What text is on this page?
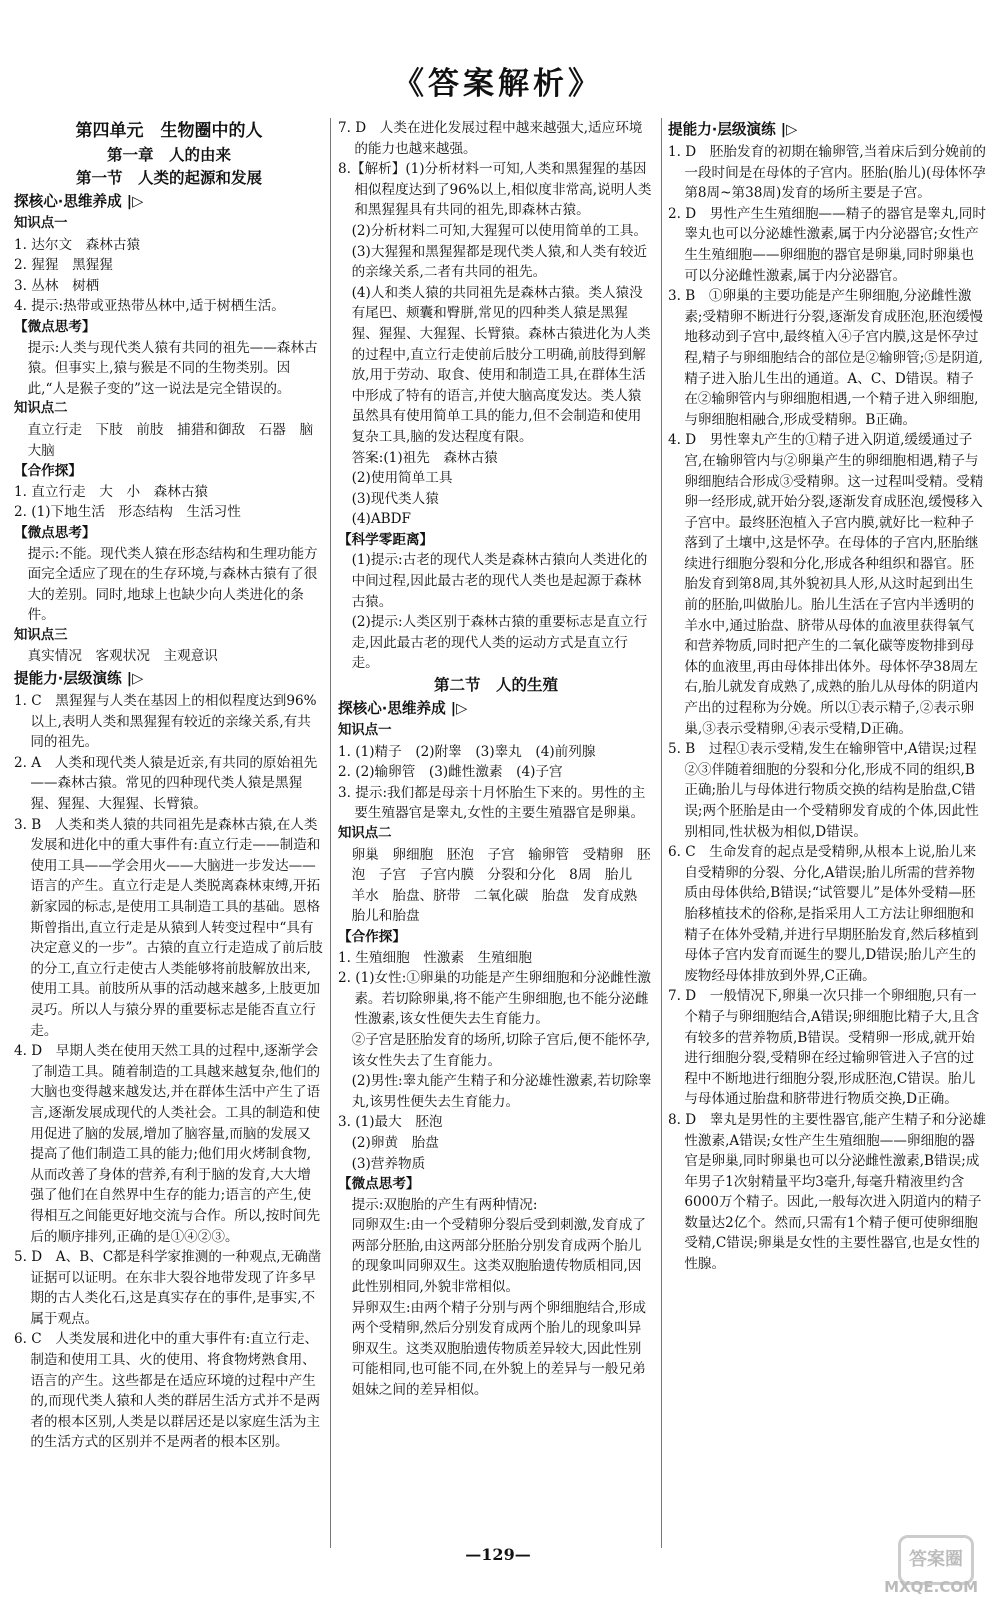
《答案解析》
第四单元　生物圈中的人
第一章　人的由来
第一节　人类的起源和发展
探核心·思维养成 |▷
知识点一
1. 达尔文　森林古猿
2. 猩猩　黑猩猩
3. 丛林　树栖
4. 提示:热带或亚热带丛林中,适于树栖生活。
【微点思考】
提示:人类与现代类人猿有共同的祖先——森林古猿。但事实上,猿与猴是不同的生物类别。因此,“人是猴子变的”这一说法是完全错误的。
知识点二
直立行走　下肢　前肢　捕猎和御敌　石器　脑　大脑
【合作探】
1. 直立行走　大　小　森林古猿
2. (1)下地生活　形态结构　生活习性
【微点思考】
提示:不能。现代类人猿在形态结构和生理功能方面完全适应了现在的生存环境,与森林古猿有了很大的差别。同时,地球上也缺少向人类进化的条件。
知识点三
真实情况　客观状况　主观意识
提能力·层级演练 |▷
1. C　黑猩猩与人类在基因上的相似程度达到96%以上,表明人类和黑猩猩有较近的亲缘关系,有共同的祖先。
2. A　人类和现代类人猿是近亲,有共同的原始祖先——森林古猿。常见的四种现代类人猿是黑猩猩、猩猩、大猩猩、长臂猿。
3. B　人类和类人猿的共同祖先是森林古猿,在人类发展和进化中的重大事件有:直立行走——制造和使用工具——学会用火——大脑进一步发达——语言的产生。直立行走是人类脱离森林束缚,开拓新家园的标志,是使用工具制造工具的基础。恩格斯曾指出,直立行走是从猿到人转变过程中“具有决定意义的一步”。古猿的直立行走造成了前后肢的分工,直立行走使古人类能够将前肢解放出来,使用工具。前肢所从事的活动越来越多,上肢更加灵巧。所以人与猿分界的重要标志是能否直立行走。
4. D　早期人类在使用天然工具的过程中,逐渐学会了制造工具。随着制造的工具越来越复杂,他们的大脑也变得越来越发达,并在群体生活中产生了语言,逐渐发展成现代的人类社会。工具的制造和使用促进了脑的发展,增加了脑容量,而脑的发展又提高了他们制造工具的能力;他们用火烤制食物,从而改善了身体的营养,有利于脑的发育,大大增强了他们在自然界中生存的能力;语言的产生,使得相互之间能更好地交流与合作。所以,按时间先后的顺序排列,正确的是①④②③。
5. D　A、B、C都是科学家推测的一种观点,无确凿证据可以证明。在东非大裂谷地带发现了许多早期的古人类化石,这是真实存在的事件,是事实,不属于观点。
6. C　人类发展和进化中的重大事件有:直立行走、制造和使用工具、火的使用、将食物烤熟食用、语言的产生。这些都是在适应环境的过程中产生的,而现代类人猿和人类的群居生活方式并不是两者的根本区别,人类是以群居还是以家庭生活为主的生活方式的区别并不是两者的根本区别。
7. D　人类在进化发展过程中越来越强大,适应环境的能力也越来越强。
8.【解析】(1)分析材料一可知,人类和黑猩猩的基因相似程度达到了96%以上,相似度非常高,说明人类和黑猩猩具有共同的祖先,即森林古猿。
(2)分析材料二可知,大猩猩可以使用简单的工具。
(3)大猩猩和黑猩猩都是现代类人猿,和人类有较近的亲缘关系,二者有共同的祖先。
(4)人和类人猿的共同祖先是森林古猿。类人猿没有尾巴、颊囊和臀胼,常见的四种类人猿是黑猩猩、猩猩、大猩猩、长臂猿。森林古猿进化为人类的过程中,直立行走使前后肢分工明确,前肢得到解放,用于劳动、取食、使用和制造工具,在群体生活中形成了特有的语言,并使大脑高度发达。类人猿虽然具有使用简单工具的能力,但不会制造和使用复杂工具,脑的发达程度有限。
答案:(1)祖先　森林古猿
(2)使用简单工具
(3)现代类人猿
(4)ABDF
【科学零距离】
(1)提示:古老的现代人类是森林古猿向人类进化的中间过程,因此最古老的现代人类也是起源于森林古猿。
(2)提示:人类区别于森林古猿的重要标志是直立行走,因此最古老的现代人类的运动方式是直立行走。
第二节　人的生殖
探核心·思维养成 |▷
知识点一
1. (1)精子　(2)附睾　(3)睾丸　(4)前列腺
2. (2)输卵管　(3)雌性激素　(4)子宫
3. 提示:我们都是母亲十月怀胎生下来的。男性的主要生殖器官是睾丸,女性的主要生殖器官是卵巢。
知识点二
卵巢　卵细胞　胚泡　子宫　输卵管　受精卵　胚泡　子宫　子宫内膜　分裂和分化　8周　胎儿　羊水　胎盘、脐带　二氧化碳　胎盘　发育成熟　胎儿和胎盘
【合作探】
1. 生殖细胞　性激素　生殖细胞
2. (1)女性:①卵巢的功能是产生卵细胞和分泌雌性激素。若切除卵巢,将不能产生卵细胞,也不能分泌雌性激素,该女性便失去生育能力。
②子宫是胚胎发育的场所,切除子宫后,便不能怀孕,该女性失去了生育能力。
(2)男性:睾丸能产生精子和分泌雄性激素,若切除睾丸,该男性便失去生育能力。
3. (1)最大　胚泡
(2)卵黄　胎盘
(3)营养物质
【微点思考】
提示:双胞胎的产生有两种情况:
同卵双生:由一个受精卵分裂后受到刺激,发育成了两部分胚胎,由这两部分胚胎分别发育成两个胎儿的现象叫同卵双生。这类双胞胎遗传物质相同,因此性别相同,外貌非常相似。
异卵双生:由两个精子分别与两个卵细胞结合,形成两个受精卵,然后分别发育成两个胎儿的现象叫异卵双生。这类双胞胎遗传物质差异较大,因此性别可能相同,也可能不同,在外貌上的差异与一般兄弟姐妹之间的差异相似。
提能力·层级演练 |▷
1. D　胚胎发育的初期在输卵管,当着床后到分娩前的一段时间是在母体的子宫内。胚胎(胎儿)(母体怀孕第8周~第38周)发育的场所主要是子宫。
2. D　男性产生生殖细胞——精子的器官是睾丸,同时睾丸也可以分泌雄性激素,属于内分泌器官;女性产生生殖细胞——卵细胞的器官是卵巢,同时卵巢也可以分泌雌性激素,属于内分泌器官。
3. B　①卵巢的主要功能是产生卵细胞,分泌雌性激素;受精卵不断进行分裂,逐渐发育成胚泡,胚泡缓慢地移动到子宫中,最终植入④子宫内膜,这是怀孕过程,精子与卵细胞结合的部位是②输卵管;⑤是阴道,精子进入胎儿生出的通道。A、C、D错误。精子在②输卵管内与卵细胞相遇,一个精子进入卵细胞,与卵细胞相融合,形成受精卵。B正确。
4. D　男性睾丸产生的①精子进入阴道,缓缓通过子宫,在输卵管内与②卵巢产生的卵细胞相遇,精子与卵细胞结合形成③受精卵。这一过程叫受精。受精卵一经形成,就开始分裂,逐渐发育成胚泡,缓慢移入子宫中。最终胚泡植入子宫内膜,就好比一粒种子落到了土壤中,这是怀孕。在母体的子宫内,胚胎继续进行细胞分裂和分化,形成各种组织和器官。胚胎发育到第8周,其外貌初具人形,从这时起到出生前的胚胎,叫做胎儿。胎儿生活在子宫内半透明的羊水中,通过胎盘、脐带从母体的血液里获得氧气和营养物质,同时把产生的二氧化碳等废物排到母体的血液里,再由母体排出体外。母体怀孕38周左右,胎儿就发育成熟了,成熟的胎儿从母体的阴道内产出的过程称为分娩。所以①表示精子,②表示卵巢,③表示受精卵,④表示受精,D正确。
5. B　过程①表示受精,发生在输卵管中,A错误;过程②③伴随着细胞的分裂和分化,形成不同的组织,B正确;胎儿与母体进行物质交换的结构是胎盘,C错误;两个胚胎是由一个受精卵发育成的个体,因此性别相同,性状极为相似,D错误。
6. C　生命发育的起点是受精卵,从根本上说,胎儿来自受精卵的分裂、分化,A错误;胎儿所需的营养物质由母体供给,B错误;“试管婴儿”是体外受精—胚胎移植技术的俗称,是指采用人工方法让卵细胞和精子在体外受精,并进行早期胚胎发育,然后移植到母体子宫内发育而诞生的婴儿,D错误;胎儿产生的废物经母体排放到外界,C正确。
7. D　一般情况下,卵巢一次只排一个卵细胞,只有一个精子与卵细胞结合,A错误;卵细胞比精子大,且含有较多的营养物质,B错误。受精卵一形成,就开始进行细胞分裂,受精卵在经过输卵管进入子宫的过程中不断地进行细胞分裂,形成胚泡,C错误。胎儿与母体通过胎盘和脐带进行物质交换,D正确。
8. D　睾丸是男性的主要性器官,能产生精子和分泌雄性激素,A错误;女性产生生殖细胞——卵细胞的器官是卵巢,同时卵巢也可以分泌雌性激素,B错误;成年男子1次射精量平均3毫升,每毫升精液里约含6000万个精子。因此,一般每次进入阴道内的精子数量达2亿个。然而,只需有1个精子便可使卵细胞受精,C错误;卵巢是女性的主要性器官,也是女性的性腺。
—129—	答案圈
MXQE.COM
